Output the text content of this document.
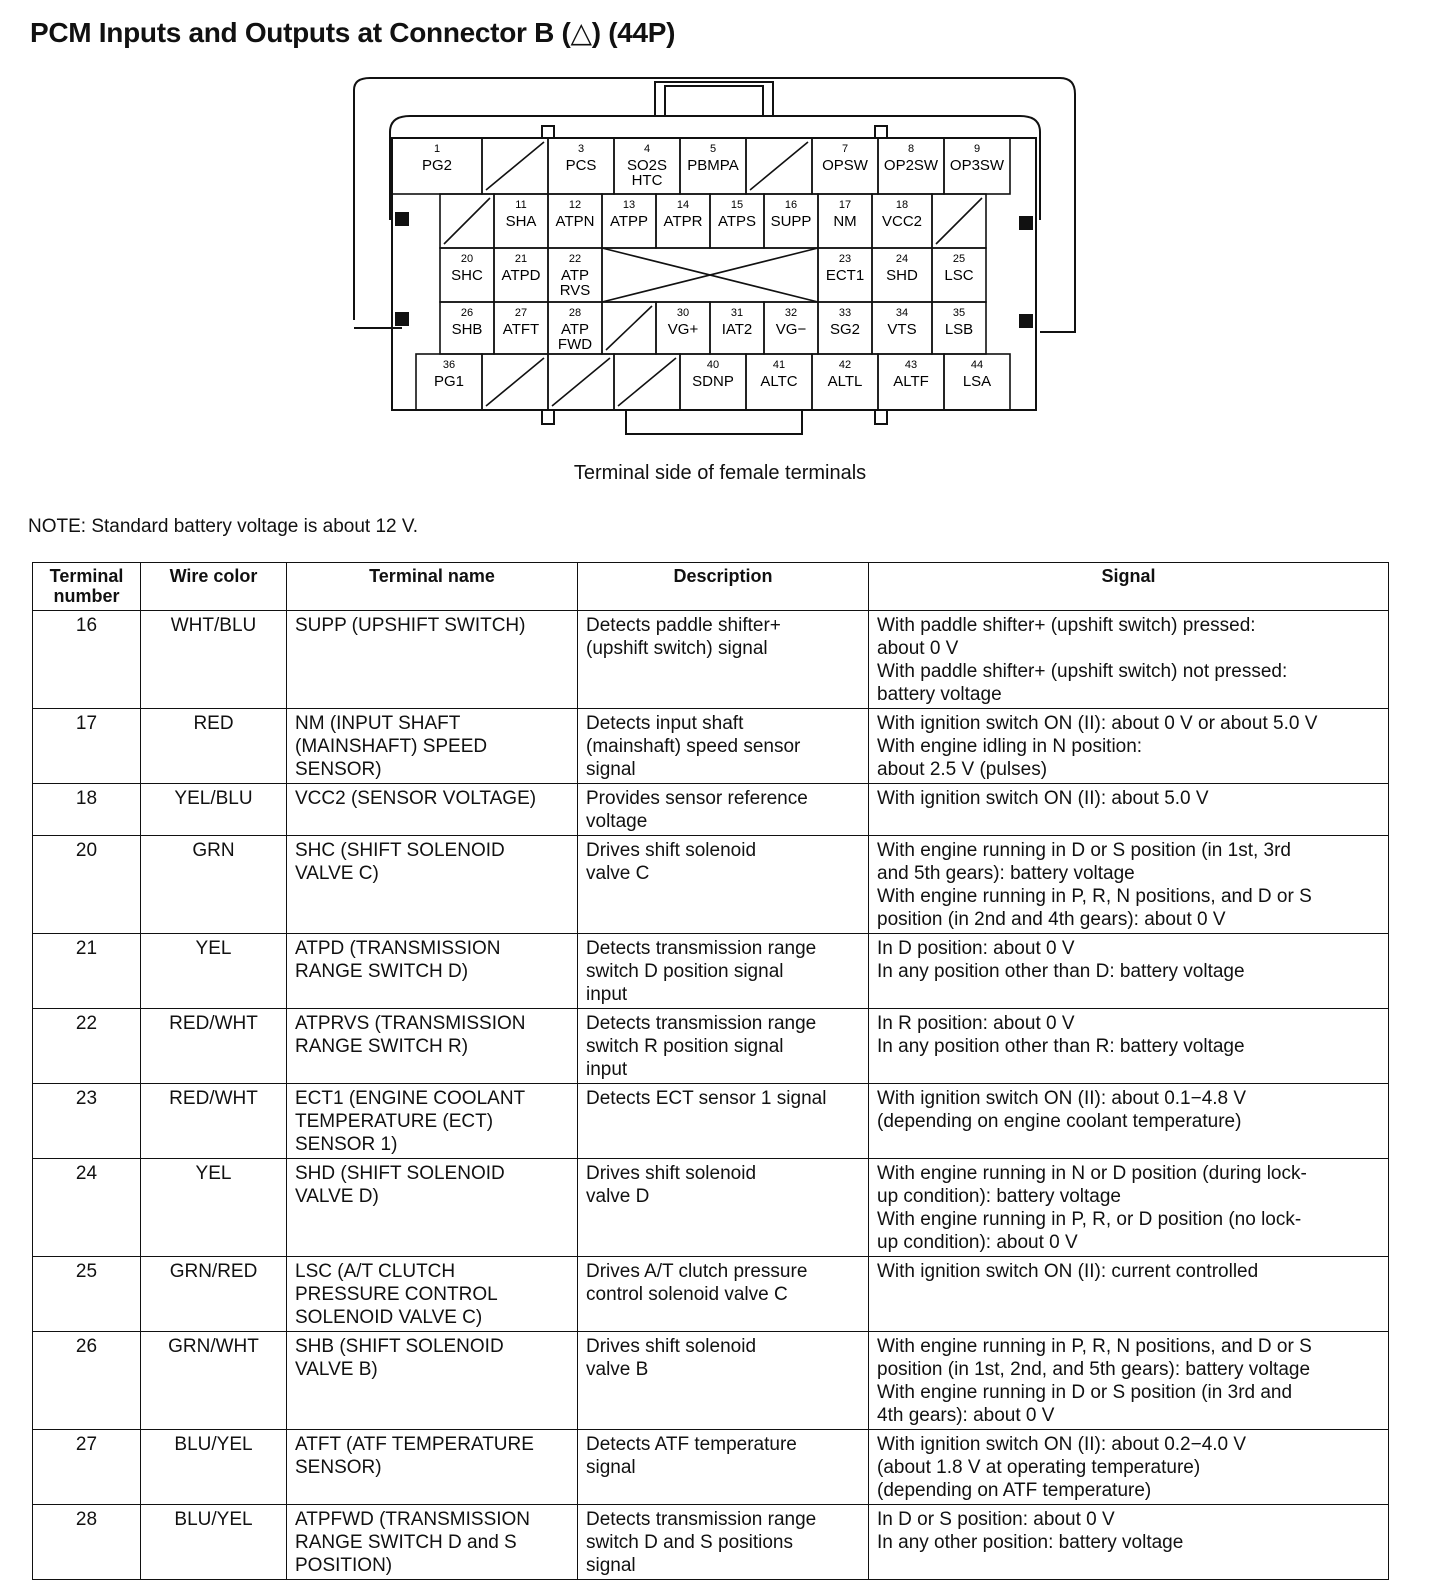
PCM Inputs and Outputs at Connector B (△) (44P)
1
PG2
3
PCS
4
SO2S
HTC
5
PBMPA
7
OPSW
8
OP2SW
9
OP3SW
11
SHA
12
ATPN
13
ATPP
14
ATPR
15
ATPS
16
SUPP
17
NM
18
VCC2
20
SHC
21
ATPD
22
ATP
RVS
23
ECT1
24
SHD
25
LSC
26
SHB
27
ATFT
28
ATP
FWD
30
VG+
31
IAT2
32
VG−
33
SG2
34
VTS
35
LSB
36
PG1
40
SDNP
41
ALTC
42
ALTL
43
ALTF
44
LSA
Terminal side of female terminals
NOTE: Standard battery voltage is about 12 V.
Terminal
number	Wire color	Terminal name	Description	Signal
16	WHT/BLU	SUPP (UPSHIFT SWITCH)	Detects paddle shifter+
(upshift switch) signal	With paddle shifter+ (upshift switch) pressed:
about 0 V
With paddle shifter+ (upshift switch) not pressed:
battery voltage

17	RED	NM (INPUT SHAFT
(MAINSHAFT) SPEED
SENSOR)	Detects input shaft
(mainshaft) speed sensor
signal	With ignition switch ON (II): about 0 V or about 5.0 V
With engine idling in N position:
about 2.5 V (pulses)

18	YEL/BLU	VCC2 (SENSOR VOLTAGE)	Provides sensor reference
voltage	With ignition switch ON (II): about 5.0 V

20	GRN	SHC (SHIFT SOLENOID
VALVE C)	Drives shift solenoid
valve C	With engine running in D or S position (in 1st, 3rd
and 5th gears): battery voltage
With engine running in P, R, N positions, and D or S
position (in 2nd and 4th gears): about 0 V

21	YEL	ATPD (TRANSMISSION
RANGE SWITCH D)	Detects transmission range
switch D position signal
input	In D position: about 0 V
In any position other than D: battery voltage

22	RED/WHT	ATPRVS (TRANSMISSION
RANGE SWITCH R)	Detects transmission range
switch R position signal
input	In R position: about 0 V
In any position other than R: battery voltage

23	RED/WHT	ECT1 (ENGINE COOLANT
TEMPERATURE (ECT)
SENSOR 1)	Detects ECT sensor 1 signal	With ignition switch ON (II): about 0.1−4.8 V
(depending on engine coolant temperature)

24	YEL	SHD (SHIFT SOLENOID
VALVE D)	Drives shift solenoid
valve D	With engine running in N or D position (during lock-
up condition): battery voltage
With engine running in P, R, or D position (no lock-
up condition): about 0 V

25	GRN/RED	LSC (A/T CLUTCH
PRESSURE CONTROL
SOLENOID VALVE C)	Drives A/T clutch pressure
control solenoid valve C	With ignition switch ON (II): current controlled

26	GRN/WHT	SHB (SHIFT SOLENOID
VALVE B)	Drives shift solenoid
valve B	With engine running in P, R, N positions, and D or S
position (in 1st, 2nd, and 5th gears): battery voltage
With engine running in D or S position (in 3rd and
4th gears): about 0 V

27	BLU/YEL	ATFT (ATF TEMPERATURE
SENSOR)	Detects ATF temperature
signal	With ignition switch ON (II): about 0.2−4.0 V
(about 1.8 V at operating temperature)
(depending on ATF temperature)

28	BLU/YEL	ATPFWD (TRANSMISSION
RANGE SWITCH D and S
POSITION)	Detects transmission range
switch D and S positions
signal	In D or S position: about 0 V
In any other position: battery voltage
